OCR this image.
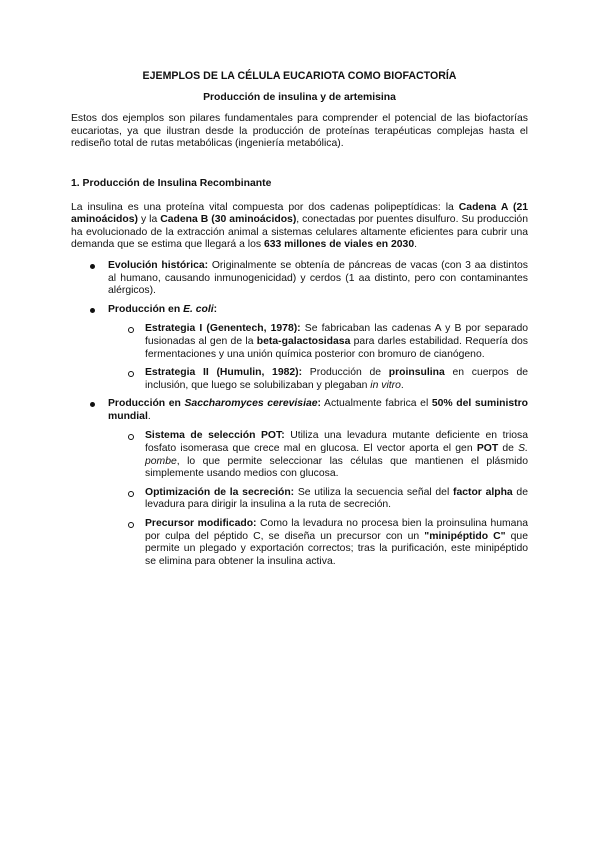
EJEMPLOS DE LA CÉLULA EUCARIOTA COMO BIOFACTORÍA
Producción de insulina y de artemisina

Estos dos ejemplos son pilares fundamentales para comprender el potencial de las biofactorías eucariotas, ya que ilustran desde la producción de proteínas terapéuticas complejas hasta el rediseño total de rutas metabólicas (ingeniería metabólica).

1. Producción de Insulina Recombinante

La insulina es una proteína vital compuesta por dos cadenas polipeptídicas: la Cadena A (21 aminoácidos) y la Cadena B (30 aminoácidos), conectadas por puentes disulfuro. Su producción ha evolucionado de la extracción animal a sistemas celulares altamente eficientes para cubrir una demanda que se estima que llegará a los 633 millones de viales en 2030.

Evolución histórica: Originalmente se obtenía de páncreas de vacas (con 3 aa distintos al humano, causando inmunogenicidad) y cerdos (1 aa distinto, pero con contaminantes alérgicos).

Producción en E. coli:

Estrategia I (Genentech, 1978): Se fabricaban las cadenas A y B por separado fusionadas al gen de la beta-galactosidasa para darles estabilidad. Requería dos fermentaciones y una unión química posterior con bromuro de cianógeno.

Estrategia II (Humulin, 1982): Producción de proinsulina en cuerpos de inclusión, que luego se solubilizaban y plegaban in vitro.

Producción en Saccharomyces cerevisiae: Actualmente fabrica el 50% del suministro mundial.

Sistema de selección POT: Utiliza una levadura mutante deficiente en triosa fosfato isomerasa que crece mal en glucosa. El vector aporta el gen POT de S. pombe, lo que permite seleccionar las células que mantienen el plásmido simplemente usando medios con glucosa.

Optimización de la secreción: Se utiliza la secuencia señal del factor alpha de levadura para dirigir la insulina a la ruta de secreción.

Precursor modificado: Como la levadura no procesa bien la proinsulina humana por culpa del péptido C, se diseña un precursor con un "minipéptido C" que permite un plegado y exportación correctos; tras la purificación, este minipéptido se elimina para obtener la insulina activa.
